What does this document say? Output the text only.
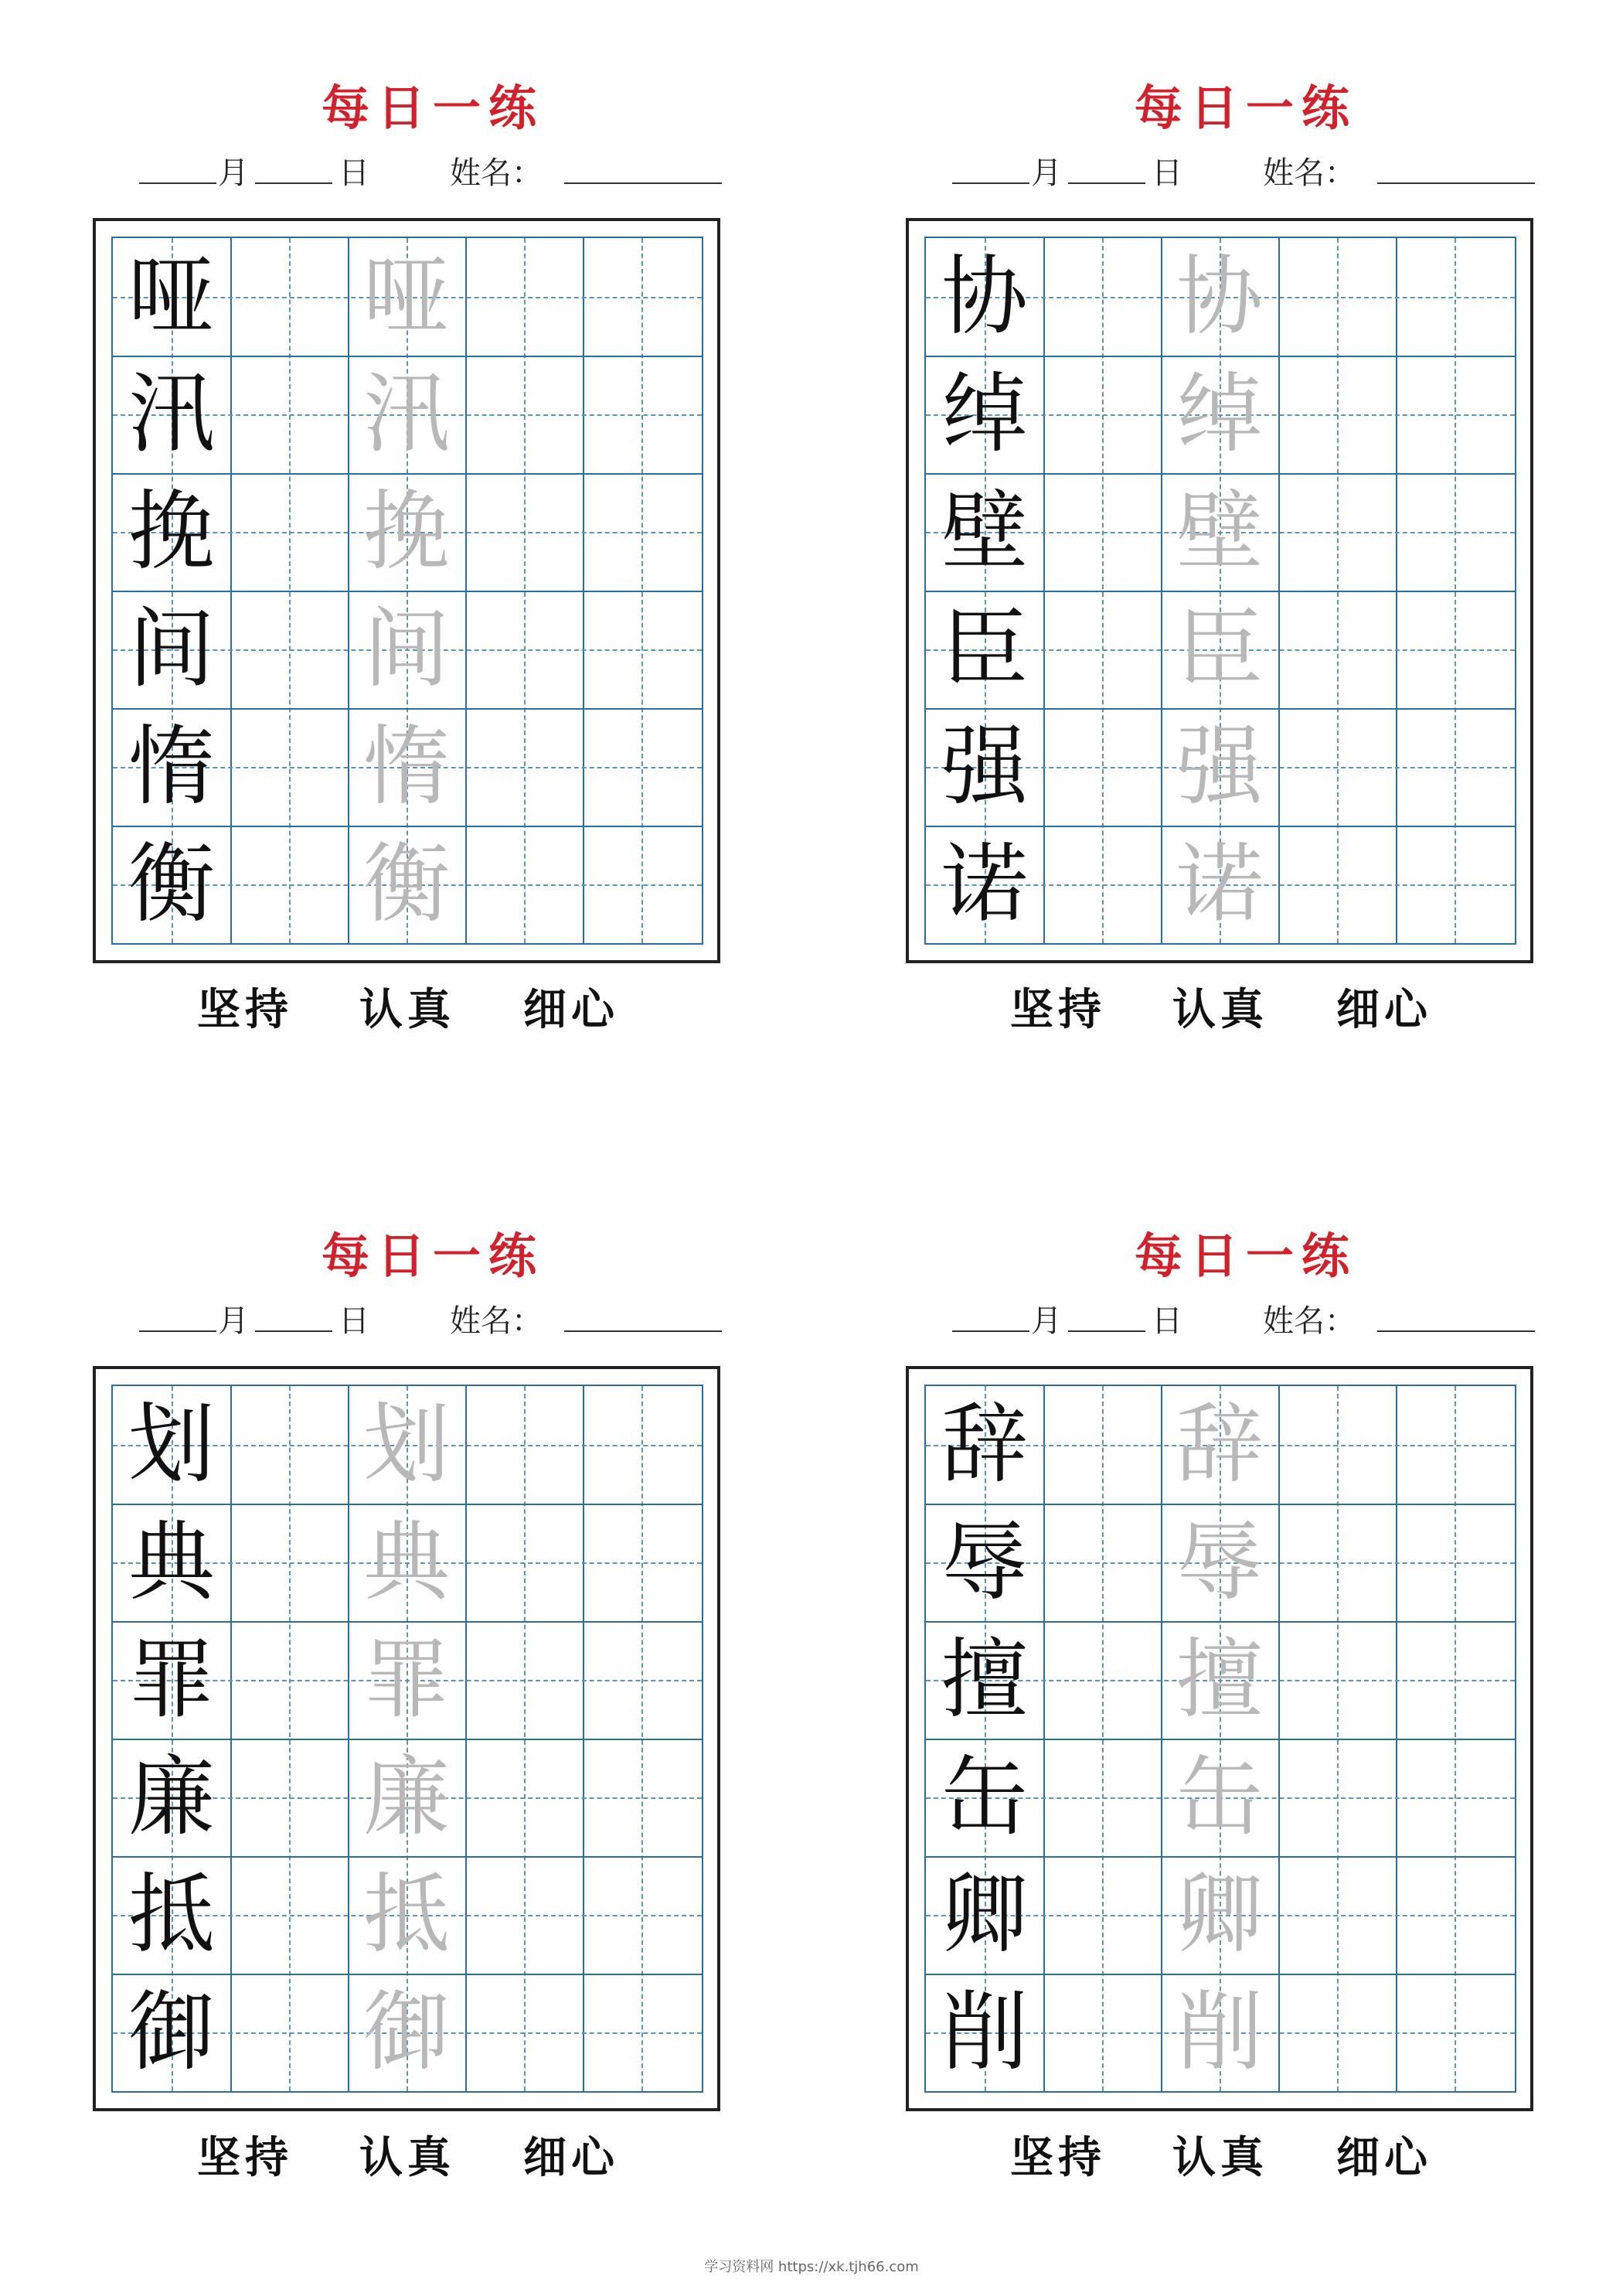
每日一练
月	日	姓名：
哑 哑
汛 汛
挽 挽
间 间
惰 惰
衡 衡
坚持 认真 细心
每日一练
月	日	姓名：
协 协
绰 绰
壁 壁
臣 臣
强 强
诺 诺
坚持 认真 细心
每日一练
月	日	姓名：
划 划
典 典
罪 罪
廉 廉
抵 抵
御 御
坚持 认真 细心
每日一练
月	日	姓名：
辞 辞
辱 辱
擅 擅
缶 缶
卿 卿
削 削
坚持 认真 细心
学习资料网 https://xk.tjh66.com
